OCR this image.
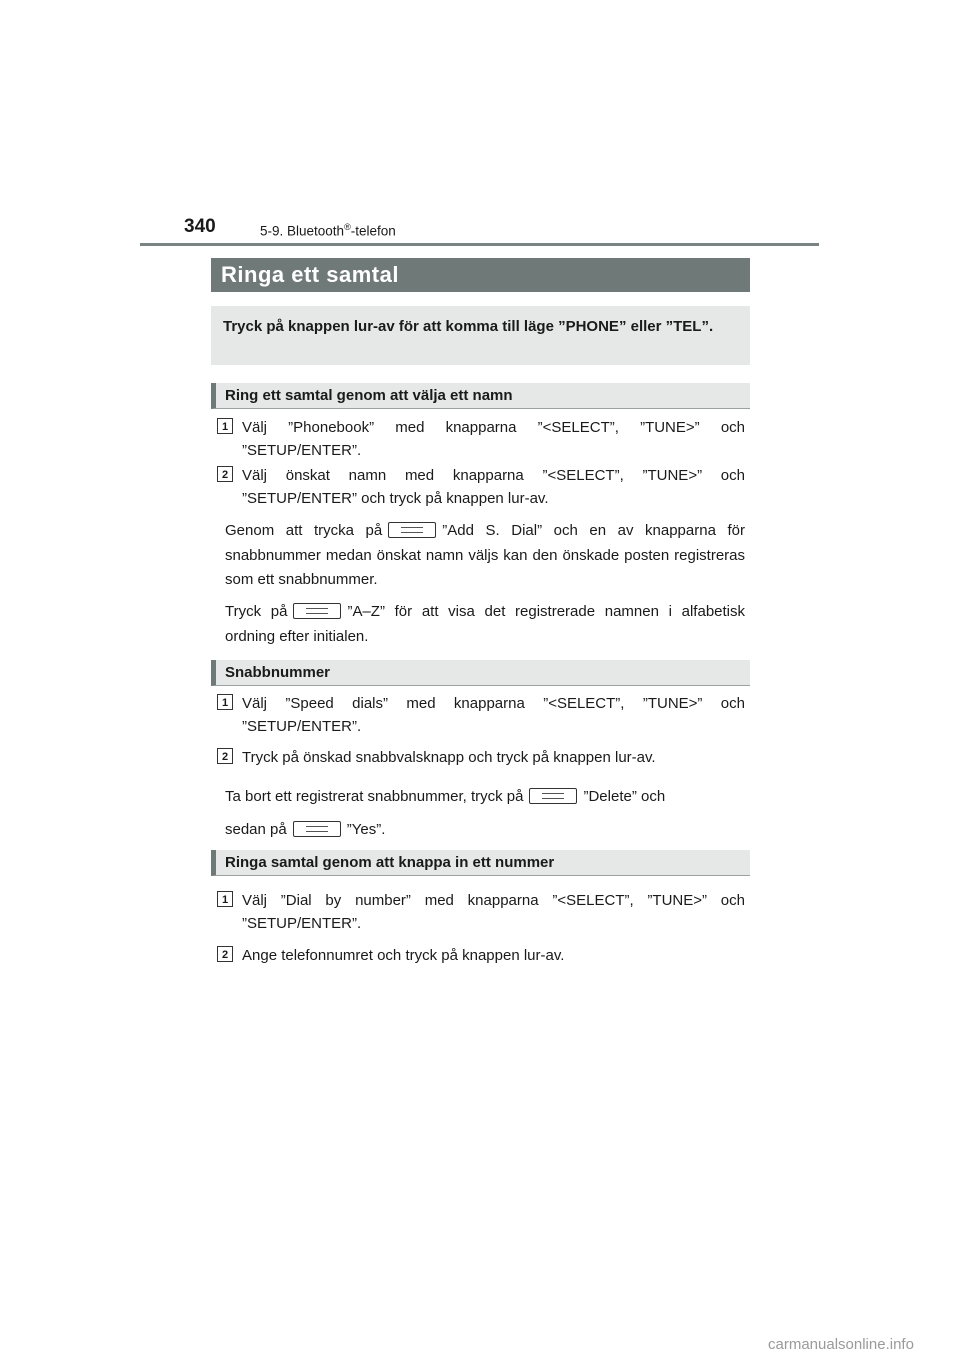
340	5-9. Bluetooth®-telefon
Ringa ett samtal
Tryck på knappen lur-av för att komma till läge ”PHONE” eller ”TEL”.
Ring ett samtal genom att välja ett namn
1 Välj ”Phonebook” med knapparna ”<SELECT”, ”TUNE>” och ”SETUP/ENTER”.
2 Välj önskat namn med knapparna ”<SELECT”, ”TUNE>” och ”SETUP/ENTER” och tryck på knappen lur-av.
Genom att trycka på	”Add S. Dial” och en av knapparna för snabbnummer medan önskat namn väljs kan den önskade posten registreras som ett snabbnummer.
Tryck på	”A–Z” för att visa det registrerade namnen i alfabetisk ordning efter initialen.
Snabbnummer
1 Välj ”Speed dials” med knapparna ”<SELECT”, ”TUNE>” och ”SETUP/ENTER”.
2 Tryck på önskad snabbvalsknapp och tryck på knappen lur-av.
Ta bort ett registrerat snabbnummer, tryck på	”Delete” och
sedan på	”Yes”.
Ringa samtal genom att knappa in ett nummer
1 Välj ”Dial by number” med knapparna ”<SELECT”, ”TUNE>” och ”SETUP/ENTER”.
2 Ange telefonnumret och tryck på knappen lur-av.
carmanualsonline.info
